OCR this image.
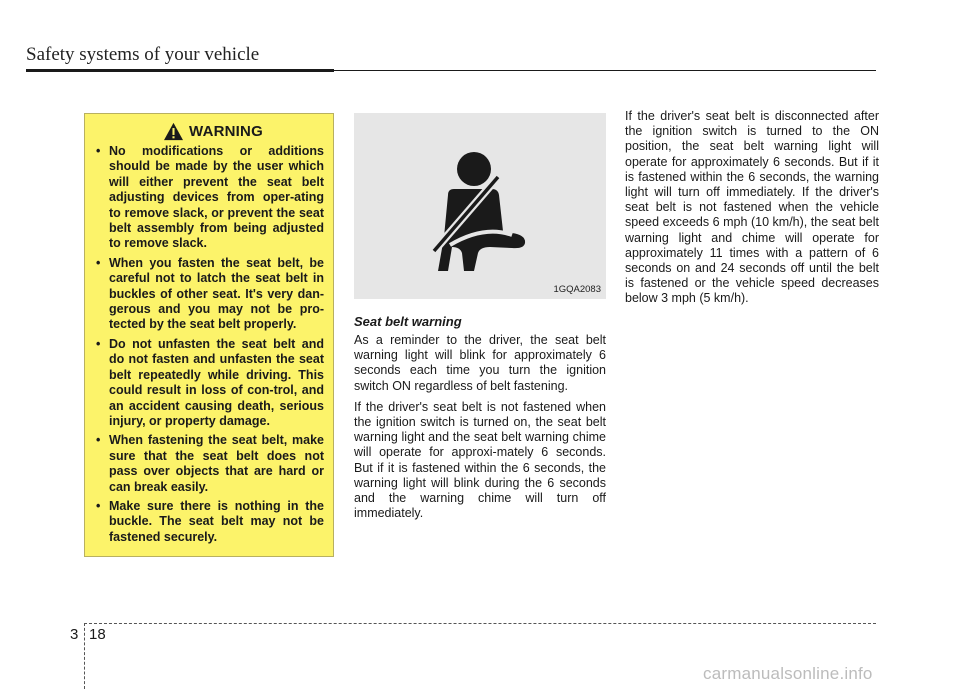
Safety systems of your vehicle
WARNING
• No modifications or additions should be made by the user which will either prevent the seat belt adjusting devices from oper-ating to remove slack, or prevent the seat belt assembly from being adjusted to remove slack.
• When you fasten the seat belt, be careful not to latch the seat belt in buckles of other seat. It's very dan-gerous and you may not be pro-tected by the seat belt properly.
• Do not unfasten the seat belt and do not fasten and unfasten the seat belt repeatedly while driving. This could result in loss of con-trol, and an accident causing death, serious injury, or property damage.
• When fastening the seat belt, make sure that the seat belt does not pass over objects that are hard or can break easily.
• Make sure there is nothing in the buckle. The seat belt may not be fastened securely.
1GQA2083
Seat belt warning

As a reminder to the driver, the seat belt warning light will blink for approximately 6 seconds each time you turn the ignition switch ON regardless of belt fastening.

If the driver's seat belt is not fastened when the ignition switch is turned on, the seat belt warning light and the seat belt warning chime will operate for approxi-mately 6 seconds. But if it is fastened within the 6 seconds, the warning light will blink during the 6 seconds and the warning chime will turn off immediately.

If the driver's seat belt is disconnected after the ignition switch is turned to the ON position, the seat belt warning light will operate for approximately 6 seconds. But if it is fastened within the 6 seconds, the warning light will turn off immediately. If the driver's seat belt is not fastened when the vehicle speed exceeds 6 mph (10 km/h), the seat belt warning light and chime will operate for approximately 11 times with a pattern of 6 seconds on and 24 seconds off until the belt is fastened or the vehicle speed decreases below 3 mph (5 km/h).

3 18
carmanualsonline.info
